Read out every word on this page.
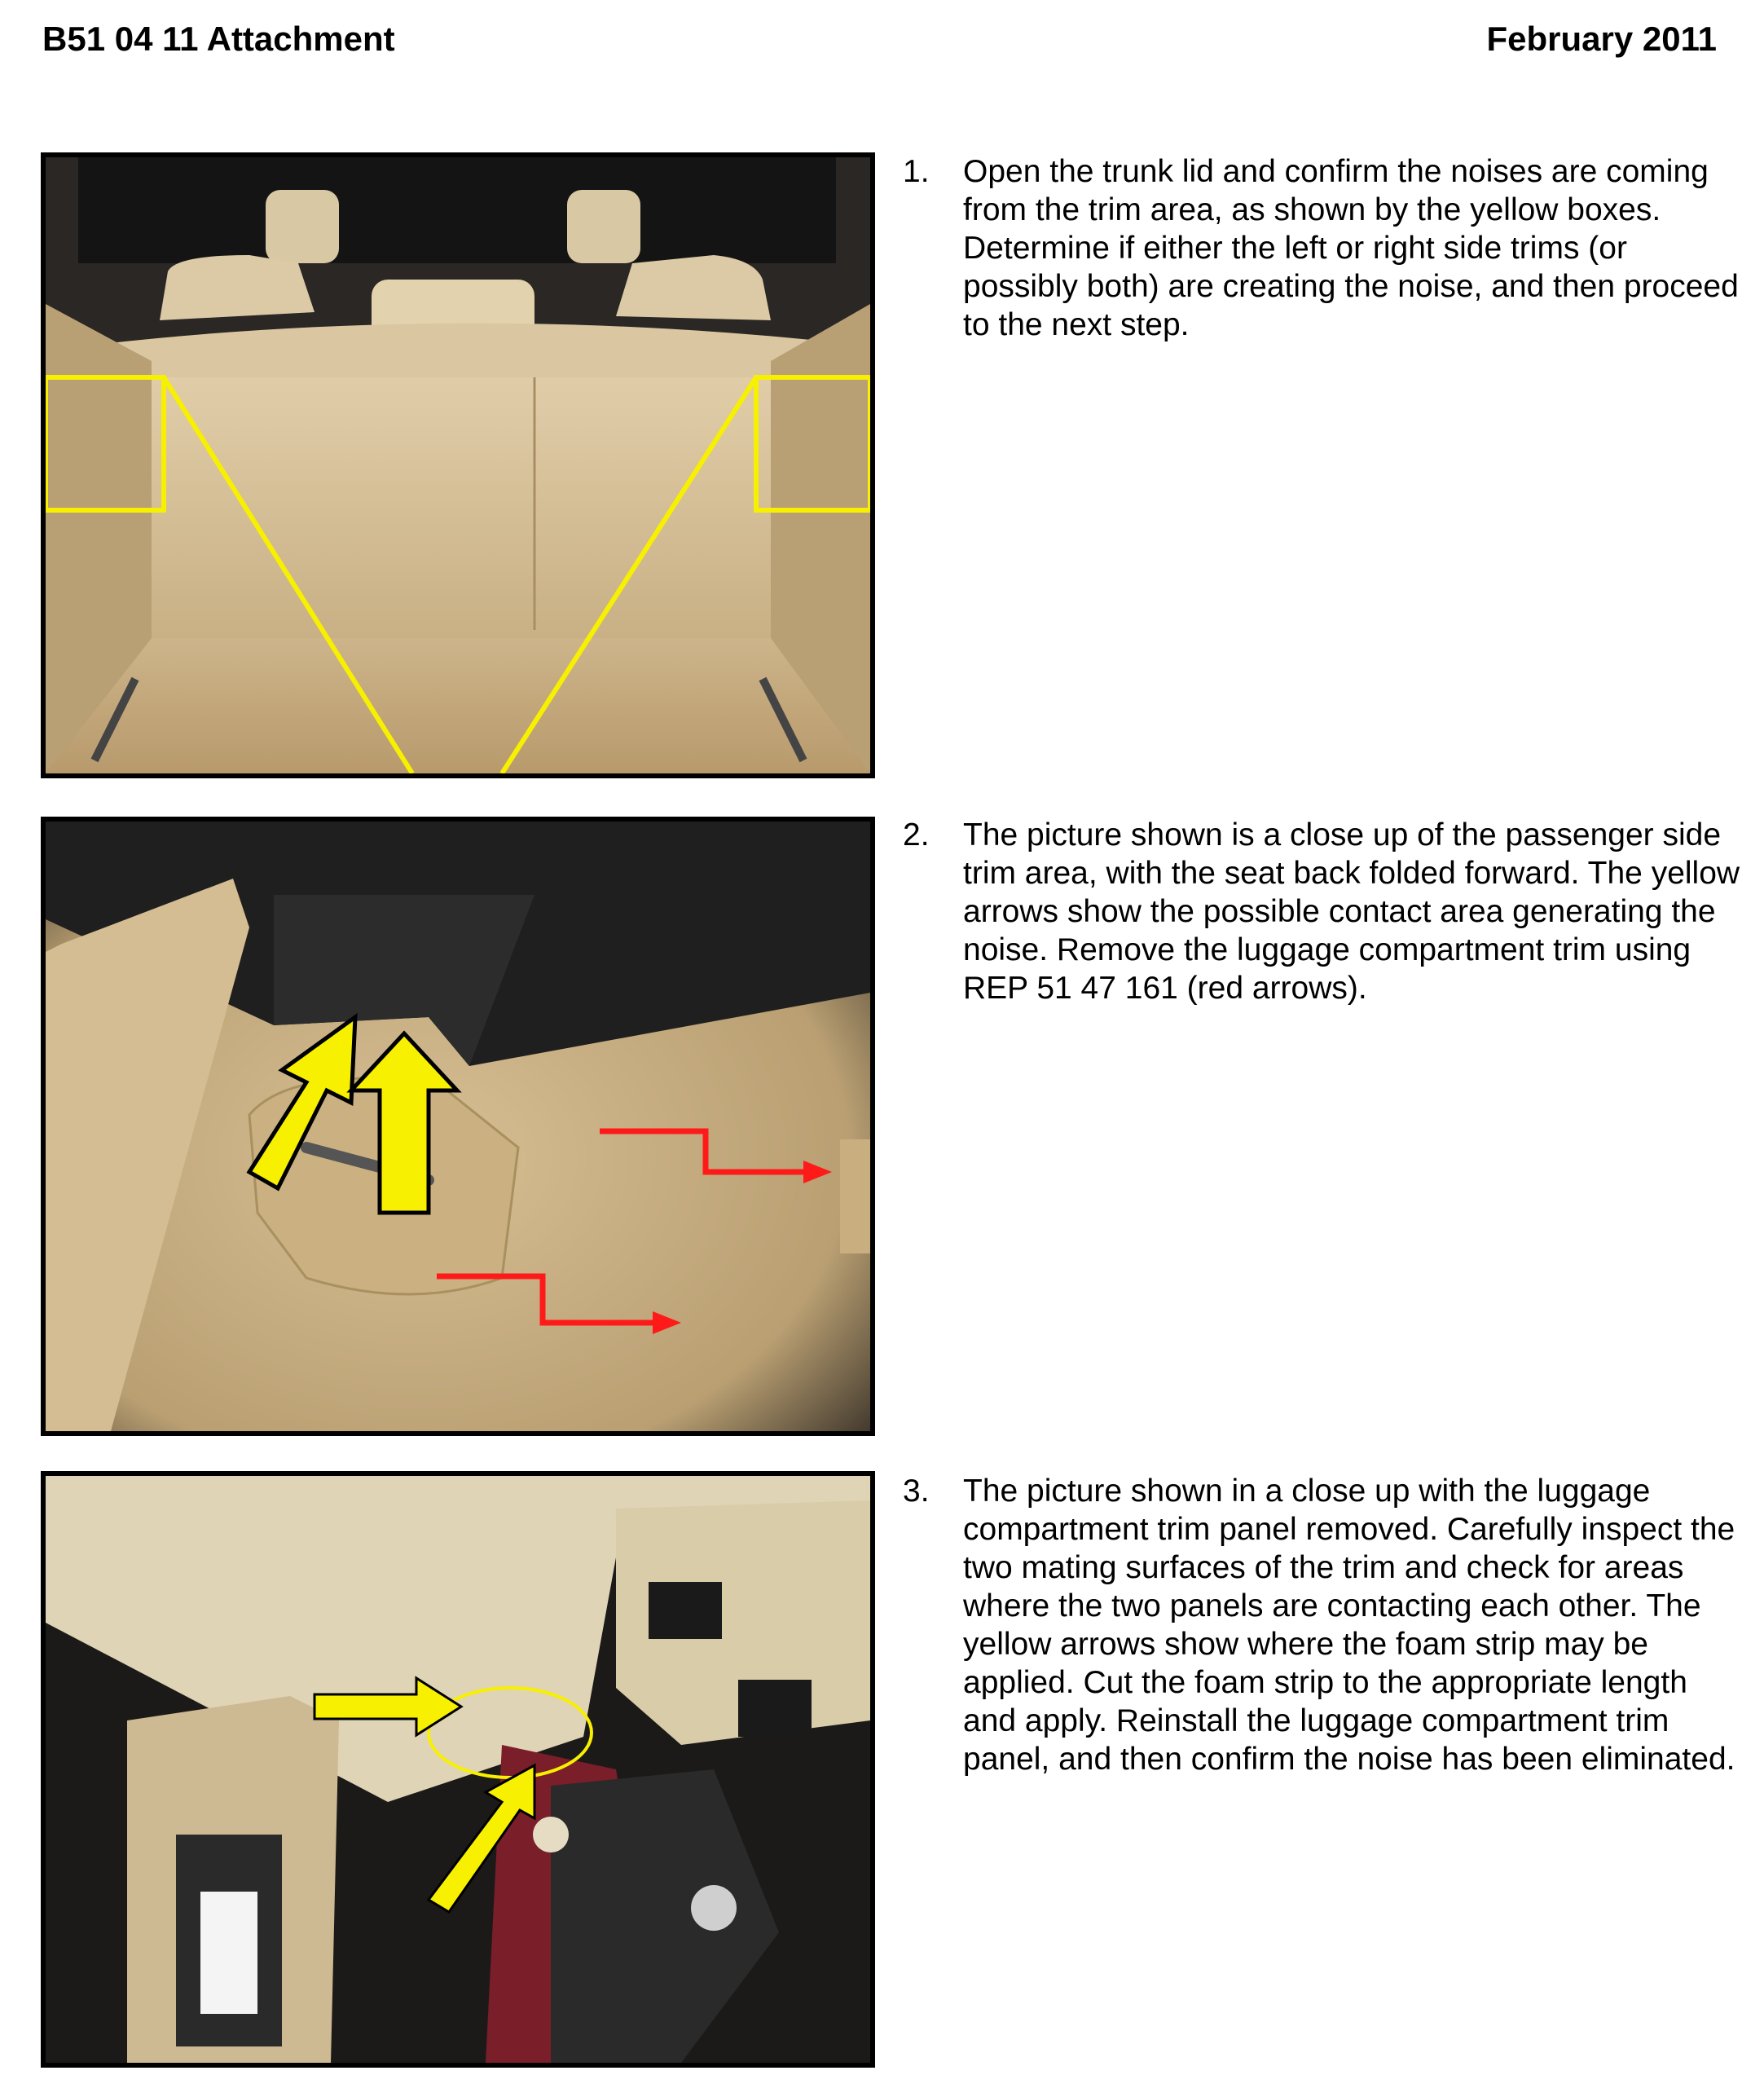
B51 04 11 Attachment	February 2011
1. Open the trunk lid and confirm the noises are coming from the trim area, as shown by the yellow boxes. Determine if either the left or right side trims (or possibly both) are creating the noise, and then proceed to the next step.
2. The picture shown is a close up of the passenger side trim area, with the seat back folded forward. The yellow arrows show the possible contact area generating the noise. Remove the luggage compartment trim using REP 51 47 161 (red arrows).
3. The picture shown in a close up with the luggage compartment trim panel removed. Carefully inspect the two mating surfaces of the trim and check for areas where the two panels are contacting each other. The yellow arrows show where the foam strip may be applied. Cut the foam strip to the appropriate length and apply. Reinstall the luggage compartment trim panel, and then confirm the noise has been eliminated.
